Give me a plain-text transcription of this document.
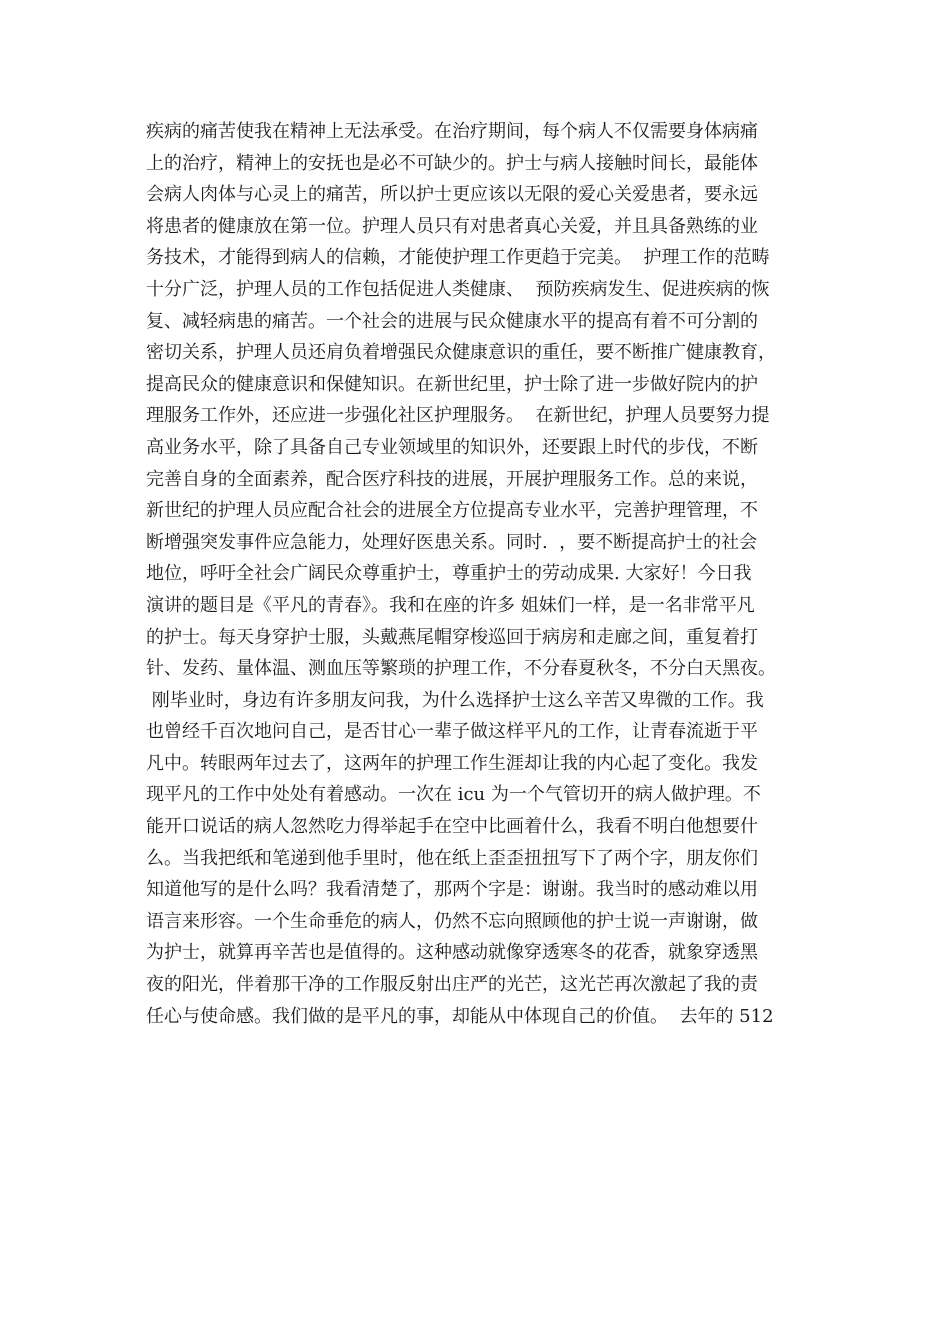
疾病的痛苦使我在精神上无法承受。在治疗期间，每个病人不仅需要身体病痛
上的治疗，精神上的安抚也是必不可缺少的。护士与病人接触时间长，最能体
会病人肉体与心灵上的痛苦，所以护士更应该以无限的爱心关爱患者，要永远
将患者的健康放在第一位。护理人员只有对患者真心关爱，并且具备熟练的业
务技术，才能得到病人的信赖，才能使护理工作更趋于完美。  护理工作的范畴
十分广泛，护理人员的工作包括促进人类健康、  预防疾病发生、促进疾病的恢
复、减轻病患的痛苦。一个社会的进展与民众健康水平的提高有着不可分割的
密切关系，护理人员还肩负着增强民众健康意识的重任，要不断推广健康教育，
提高民众的健康意识和保健知识。在新世纪里，护士除了进一步做好院内的护
理服务工作外，还应进一步强化社区护理服务。  在新世纪，护理人员要努力提
高业务水平，除了具备自己专业领域里的知识外，还要跟上时代的步伐，不断
完善自身的全面素养，配合医疗科技的进展，开展护理服务工作。总的来说，
新世纪的护理人员应配合社会的进展全方位提高专业水平，完善护理管理，不
断增强突发事件应急能力，处理好医患关系。同时.  ，要不断提高护士的社会
地位，呼吁全社会广阔民众尊重护士，尊重护士的劳动成果. 大家好！今日我
演讲的题目是《平凡的青春》。我和在座的许多 姐妹们一样，是一名非常平凡
的护士。每天身穿护士服，头戴燕尾帽穿梭巡回于病房和走廊之间，重复着打
针、发药、量体温、测血压等繁琐的护理工作，不分春夏秋冬，不分白天黑夜。
刚毕业时，身边有许多朋友问我，为什么选择护士这么辛苦又卑微的工作。我
也曾经千百次地问自己，是否甘心一辈子做这样平凡的工作，让青春流逝于平
凡中。转眼两年过去了，这两年的护理工作生涯却让我的内心起了变化。我发
现平凡的工作中处处有着感动。一次在 icu 为一个气管切开的病人做护理。不
能开口说话的病人忽然吃力得举起手在空中比画着什么，我看不明白他想要什
么。当我把纸和笔递到他手里时，他在纸上歪歪扭扭写下了两个字，朋友你们
知道他写的是什么吗？我看清楚了，那两个字是：谢谢。我当时的感动难以用
语言来形容。一个生命垂危的病人，仍然不忘向照顾他的护士说一声谢谢，做
为护士，就算再辛苦也是值得的。这种感动就像穿透寒冬的花香，就象穿透黑
夜的阳光，伴着那干净的工作服反射出庄严的光芒，这光芒再次激起了我的责
任心与使命感。我们做的是平凡的事，却能从中体现自己的价值。  去年的 512
